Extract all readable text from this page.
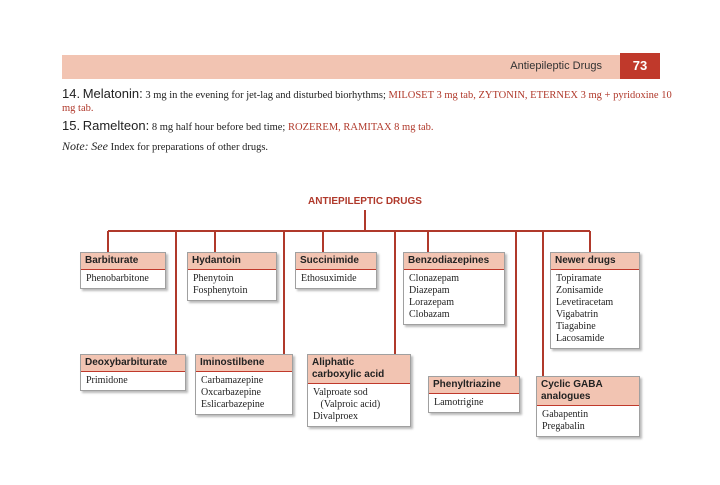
Antiepileptic Drugs	73
14. Melatonin: 3 mg in the evening for jet-lag and disturbed biorhythms; MILOSET 3 mg tab, ZYTONIN, ETERNEX 3 mg + pyridoxine 10 mg tab.
15. Ramelteon: 8 mg half hour before bed time; ROZEREM, RAMITAX 8 mg tab.
Note: See Index for preparations of other drugs.
ANTIEPILEPTIC DRUGS
Barbiturate
Phenobarbitone
Hydantoin
Phenytoin
Fosphenytoin
Succinimide
Ethosuximide
Benzodiazepines
Clonazepam
Diazepam
Lorazepam
Clobazam
Newer drugs
Topiramate
Zonisamide
Levetiracetam
Vigabatrin
Tiagabine
Lacosamide
Deoxybarbiturate
Primidone
Iminostilbene
Carbamazepine
Oxcarbazepine
Eslicarbazepine
Aliphatic
carboxylic acid
Valproate sod
(Valproic acid)
Divalproex
Phenyltriazine
Lamotrigine
Cyclic GABA
analogues
Gabapentin
Pregabalin
